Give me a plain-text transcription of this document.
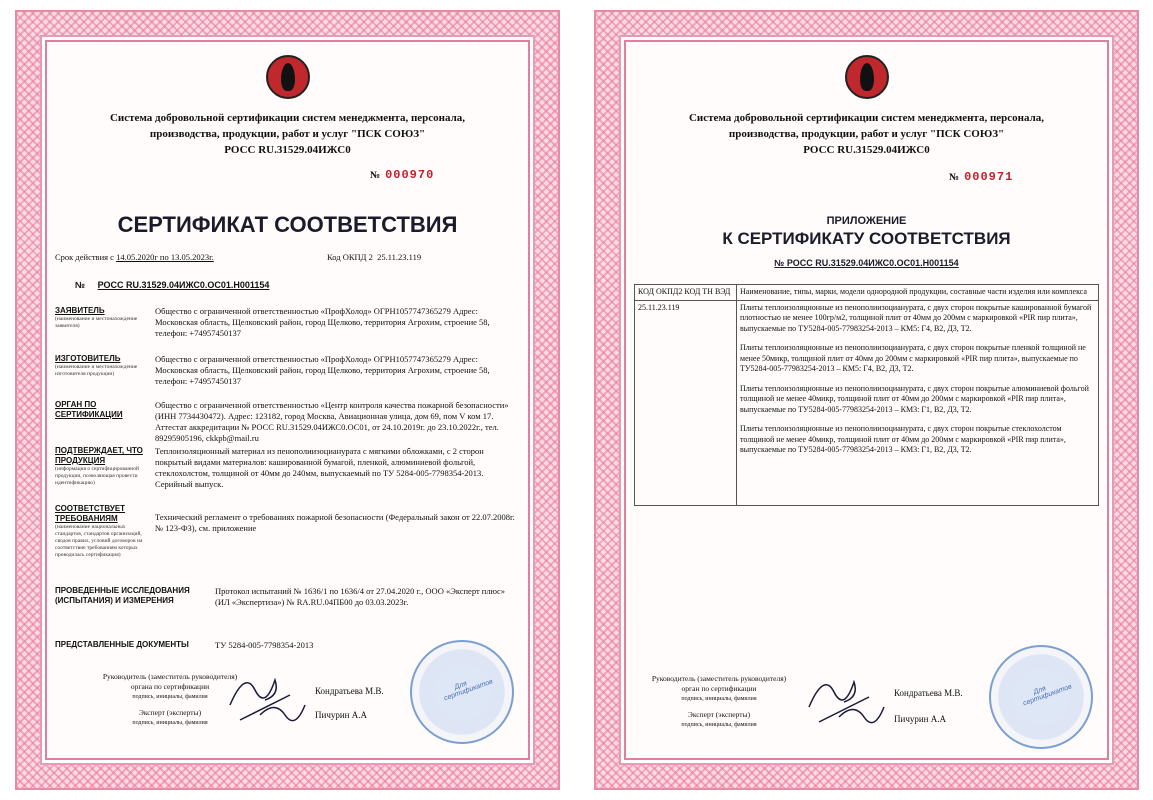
Система добровольной сертификации систем менеджмента, персонала,
производства, продукции, работ и услуг "ПСК СОЮЗ"
РОСС RU.31529.04ИЖС0
№ 000970
СЕРТИФИКАТ СООТВЕТСТВИЯ
Срок действия с 14.05.2020г по 13.05.2023г.	Код ОКПД 2 25.11.23.119
№ РОСС RU.31529.04ИЖС0.ОС01.Н001154
ЗАЯВИТЕЛЬ
(наименование и местонахождение заявителя)
Общество с ограниченной ответственностью «ПрофХолод» ОГРН1057747365279 Адрес: Московская область, Щелковский район, город Щелково, территория Агрохим, строение 58, телефон: +74957450137
ИЗГОТОВИТЕЛЬ
(наименование и местонахождение изготовителя продукции)
Общество с ограниченной ответственностью «ПрофХолод» ОГРН1057747365279 Адрес: Московская область, Щелковский район, город Щелково, территория Агрохим, строение 58, телефон: +74957450137
ОРГАН ПО СЕРТИФИКАЦИИ
Общество с ограниченной ответственностью «Центр контроля качества пожарной безопасности» (ИНН 7734430472). Адрес: 123182, город Москва, Авиационная улица, дом 69, пом V ком 17. Аттестат аккредитации № РОСС RU.31529.04ИЖС0.ОС01, от 24.10.2019г. до 23.10.2022г., тел. 89295905196, ckkpb@mail.ru
ПОДТВЕРЖДАЕТ, ЧТО ПРОДУКЦИЯ
(информация о сертифицированной продукции, позволяющая провести идентификацию)
Теплоизоляционный материал из пенополиизоцианурата с мягкими обложками, с 2 сторон покрытый видами материалов: кашированной бумагой, пленкой, алюминиевой фольгой, стеклохолстом, толщиной от 40мм до 240мм, выпускаемый по ТУ 5284-005-7798354-2013. Серийный выпуск.
СООТВЕТСТВУЕТ ТРЕБОВАНИЯМ
(наименование национальных стандартов, стандартов организаций, сводов правил, условий договоров на соответствие требованиям которых проводилась сертификация)
Технический регламент о требованиях пожарной безопасности (Федеральный закон от 22.07.2008г. № 123-ФЗ), см. приложение
ПРОВЕДЕННЫЕ ИССЛЕДОВАНИЯ (ИСПЫТАНИЯ) И ИЗМЕРЕНИЯ
Протокол испытаний № 1636/1 по 1636/4 от 27.04.2020 г., ООО «Эксперт плюс» (ИЛ «Экспертиза») № RA.RU.04ПБ00 до 03.03.2023г.
ПРЕДСТАВЛЕННЫЕ ДОКУМЕНТЫ	ТУ 5284-005-7798354-2013
Руководитель (заместитель руководителя)
органа по сертификации
подпись, инициалы, фамилия
Кондратьева М.В.
Эксперт (эксперты)
подпись, инициалы, фамилия
Пичурин А.А
Для сертификатов
Система добровольной сертификации систем менеджмента, персонала,
производства, продукции, работ и услуг "ПСК СОЮЗ"
РОСС RU.31529.04ИЖС0
№ 000971
ПРИЛОЖЕНИЕ
К СЕРТИФИКАТУ СООТВЕТСТВИЯ
№ РОСС RU.31529.04ИЖС0.ОС01.Н001154
КОД ОКПД2 КОД ТН ВЭД	Наименование, типы, марки, модели однородной продукции, составные части изделия или комплекса
25.11.23.119	Плиты теплоизоляционные из пенополиизоцианурата, с двух сторон покрытые кашированной бумагой плотностью не менее 100гр/м2, толщиной плит от 40мм до 200мм с маркировкой «PIR пир плита», выпускаемые по ТУ5284-005-77983254-2013 – КМ5: Г4, В2, Д3, Т2.
Плиты теплоизоляционные из пенополиизоцианурата, с двух сторон покрытые пленкой толщиной не менее 50микр, толщиной плит от 40мм до 200мм с маркировкой «PIR пир плита», выпускаемые по ТУ5284-005-77983254-2013 – КМ5: Г4, В2, Д3, Т2.
Плиты теплоизоляционные из пенополиизоцианурата, с двух сторон покрытые алюминиевой фольгой толщиной не менее 40микр, толщиной плит от 40мм до 200мм с маркировкой «PIR пир плита», выпускаемые по ТУ5284-005-77983254-2013 – КМ3: Г1, В2, Д3, Т2.
Плиты теплоизоляционные из пенополиизоцианурата, с двух сторон покрытые стеклохолстом толщиной не менее 40микр, толщиной плит от 40мм до 200мм с маркировкой «PIR пир плита», выпускаемые по ТУ5284-005-77983254-2013 – КМ3: Г1, В2, Д3, Т2.
Руководитель (заместитель руководителя)
орган по сертификации
подпись, инициалы, фамилия
Кондратьева М.В.
Эксперт (эксперты)
подпись, инициалы, фамилия
Пичурин А.А
Для сертификатов
